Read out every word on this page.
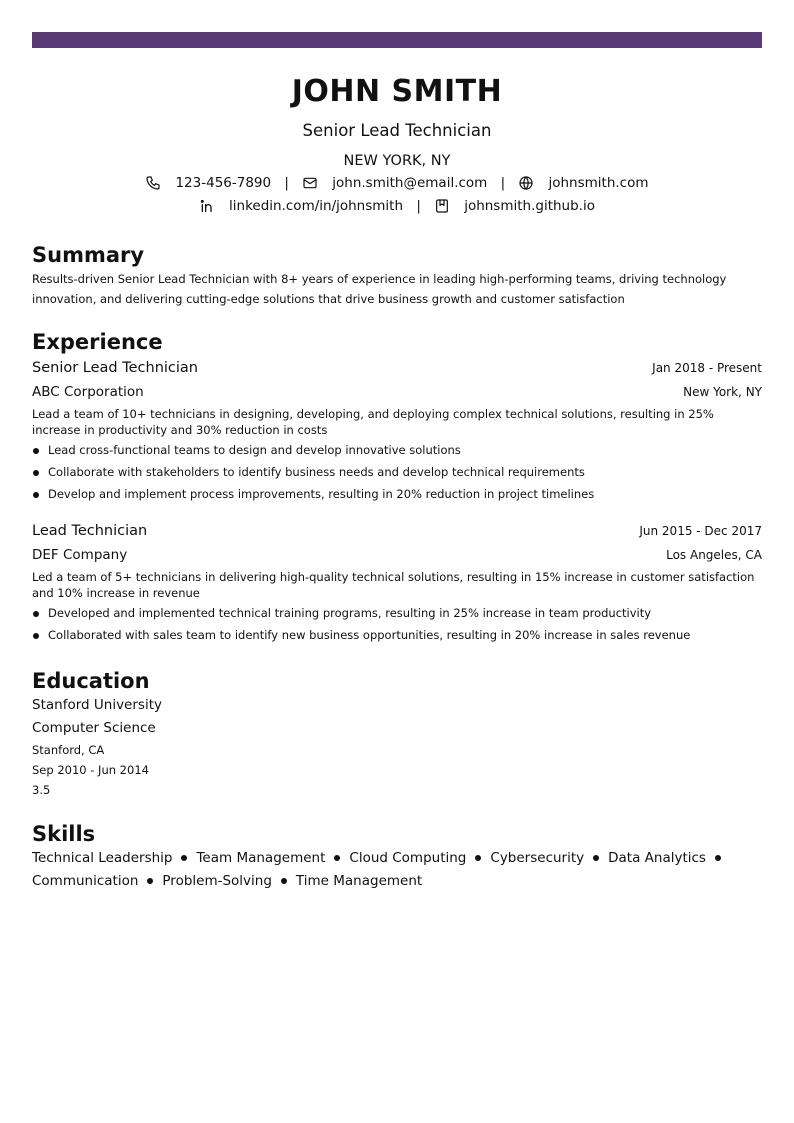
JOHN SMITH
Senior Lead Technician
NEW YORK, NY
123-456-7890 |	john.smith@email.com |	johnsmith.com
linkedin.com/in/johnsmith |	johnsmith.github.io
Summary
Results-driven Senior Lead Technician with 8+ years of experience in leading high-performing teams, driving technology innovation, and delivering cutting-edge solutions that drive business growth and customer satisfaction
Experience
Senior Lead Technician	Jan 2018 - Present
ABC Corporation	New York, NY
Lead a team of 10+ technicians in designing, developing, and deploying complex technical solutions, resulting in 25% increase in productivity and 30% reduction in costs
Lead cross-functional teams to design and develop innovative solutions
Collaborate with stakeholders to identify business needs and develop technical requirements
Develop and implement process improvements, resulting in 20% reduction in project timelines
Lead Technician	Jun 2015 - Dec 2017
DEF Company	Los Angeles, CA
Led a team of 5+ technicians in delivering high-quality technical solutions, resulting in 15% increase in customer satisfaction and 10% increase in revenue
Developed and implemented technical training programs, resulting in 25% increase in team productivity
Collaborated with sales team to identify new business opportunities, resulting in 20% increase in sales revenue
Education
Stanford University
Computer Science
Stanford, CA
Sep 2010 - Jun 2014
3.5
Skills
Technical Leadership Team Management Cloud Computing Cybersecurity Data Analytics
Communication Problem-Solving Time Management
